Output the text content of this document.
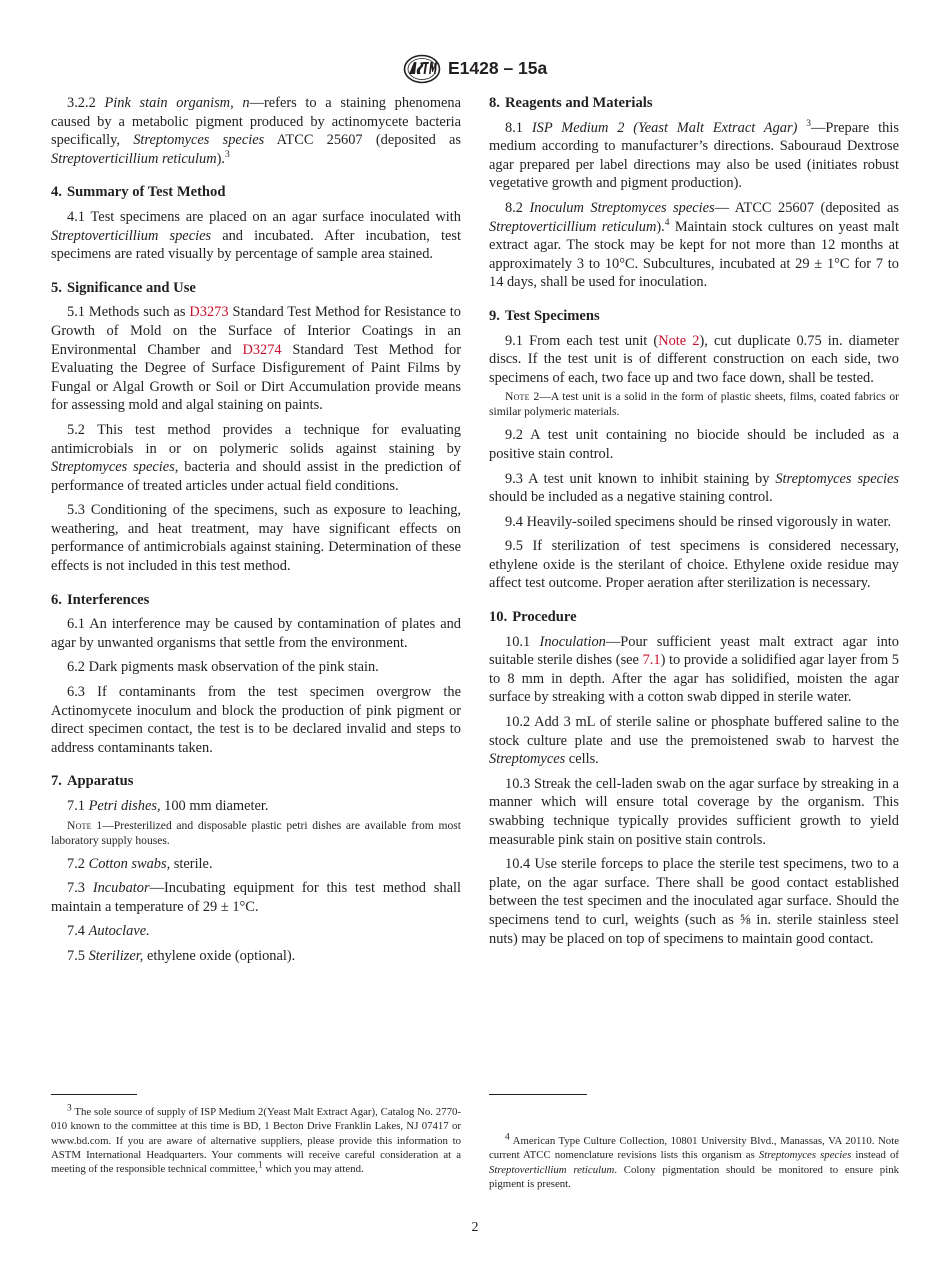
E1428 – 15a

3.2.2 Pink stain organism, n—refers to a staining phenomena caused by a metabolic pigment produced by actinomycete bacteria specifically, Streptomyces species ATCC 25607 (deposited as Streptoverticillium reticulum).$^3$

4. Summary of Test Method

4.1 Test specimens are placed on an agar surface inoculated with Streptoverticillium species and incubated. After incubation, test specimens are rated visually by percentage of sample area stained.

5. Significance and Use

5.1 Methods such as D3273 Standard Test Method for Resistance to Growth of Mold on the Surface of Interior Coatings in an Environmental Chamber and D3274 Standard Test Method for Evaluating the Degree of Surface Disfigurement of Paint Films by Fungal or Algal Growth or Soil or Dirt Accumulation provide means for assessing mold and algal staining on paints.

5.2 This test method provides a technique for evaluating antimicrobials in or on polymeric solids against staining by Streptomyces species, bacteria and should assist in the prediction of performance of treated articles under actual field conditions.

5.3 Conditioning of the specimens, such as exposure to leaching, weathering, and heat treatment, may have significant effects on performance of antimicrobials against staining. Determination of these effects is not included in this test method.

6. Interferences

6.1 An interference may be caused by contamination of plates and agar by unwanted organisms that settle from the environment.

6.2 Dark pigments mask observation of the pink stain.

6.3 If contaminants from the test specimen overgrow the Actinomycete inoculum and block the production of pink pigment or direct specimen contact, the test is to be declared invalid and steps to address contaminants taken.

7. Apparatus

7.1 Petri dishes, 100 mm diameter.

Note 1—Presterilized and disposable plastic petri dishes are available from most laboratory supply houses.

7.2 Cotton swabs, sterile.

7.3 Incubator—Incubating equipment for this test method shall maintain a temperature of 29 ± 1°C.

7.4 Autoclave.

7.5 Sterilizer, ethylene oxide (optional).

8. Reagents and Materials

8.1 ISP Medium 2 (Yeast Malt Extract Agar) $^3$—Prepare this medium according to manufacturer’s directions. Sabouraud Dextrose agar prepared per label directions may also be used (initiates robust vegetative growth and pigment production).

8.2 Inoculum Streptomyces species— ATCC 25607 (deposited as Streptoverticillium reticulum).$^4$ Maintain stock cultures on yeast malt extract agar. The stock may be kept for not more than 12 months at approximately 3 to 10°C. Subcultures, incubated at 29 ± 1°C for 7 to 14 days, shall be used for inoculation.

9. Test Specimens

9.1 From each test unit (Note 2), cut duplicate 0.75 in. diameter discs. If the test unit is of different construction on each side, two specimens of each, two face up and two face down, shall be tested.

Note 2—A test unit is a solid in the form of plastic sheets, films, coated fabrics or similar polymeric materials.

9.2 A test unit containing no biocide should be included as a positive stain control.

9.3 A test unit known to inhibit staining by Streptomyces species should be included as a negative staining control.

9.4 Heavily-soiled specimens should be rinsed vigorously in water.

9.5 If sterilization of test specimens is considered necessary, ethylene oxide is the sterilant of choice. Ethylene oxide residue may affect test outcome. Proper aeration after sterilization is necessary.

10. Procedure

10.1 Inoculation—Pour sufficient yeast malt extract agar into suitable sterile dishes (see 7.1) to provide a solidified agar layer from 5 to 8 mm in depth. After the agar has solidified, moisten the agar surface by streaking with a cotton swab dipped in sterile water.

10.2 Add 3 mL of sterile saline or phosphate buffered saline to the stock culture plate and use the premoistened swab to harvest the Streptomyces cells.

10.3 Streak the cell-laden swab on the agar surface by streaking in a manner which will ensure total coverage by the organism. This swabbing technique typically provides sufficient growth to yield measurable pink stain on positive stain controls.

10.4 Use sterile forceps to place the sterile test specimens, two to a plate, on the agar surface. There shall be good contact established between the test specimen and the inoculated agar surface. Should the specimens tend to curl, weights (such as ⅝ in. sterile stainless steel nuts) may be placed on top of specimens to maintain good contact.

$^3$ The sole source of supply of ISP Medium 2(Yeast Malt Extract Agar), Catalog No. 2770-010 known to the committee at this time is BD, 1 Becton Drive Franklin Lakes, NJ 07417 or www.bd.com. If you are aware of alternative suppliers, please provide this information to ASTM International Headquarters. Your comments will receive careful consideration at a meeting of the responsible technical committee,$^1$ which you may attend.

$^4$ American Type Culture Collection, 10801 University Blvd., Manassas, VA 20110. Note current ATCC nomenclature revisions lists this organism as Streptomyces species instead of Streptoverticllium reticulum. Colony pigmentation should be monitored to ensure pink pigment is present.

2
